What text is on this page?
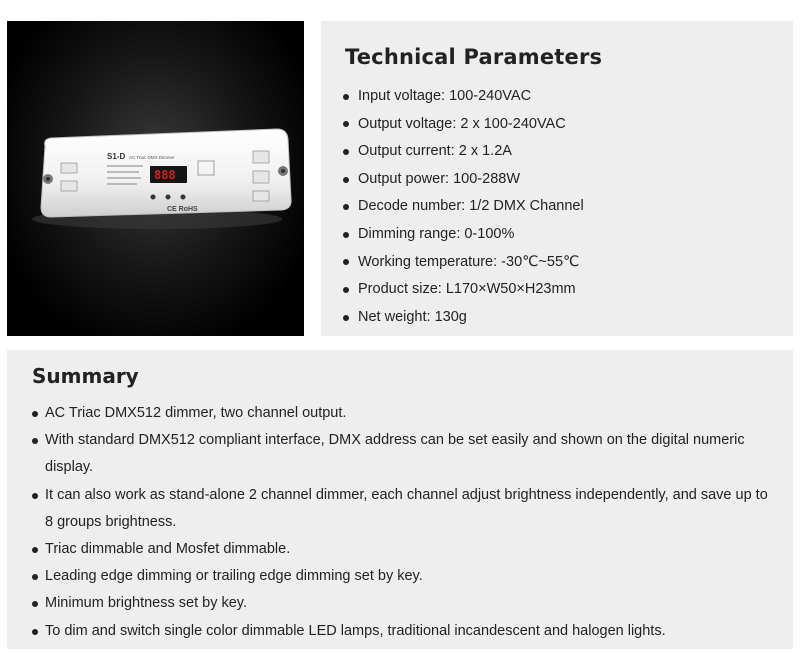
S1-D AC Triac DMX Dimmer
888
CE RoHS
Technical Parameters
Input voltage: 100-240VAC
Output voltage: 2 x 100-240VAC
Output current: 2 x 1.2A
Output power: 100-288W
Decode number: 1/2 DMX Channel
Dimming range: 0-100%
Working temperature: -30℃~55℃
Product size: L170×W50×H23mm
Net weight: 130g
Summary
AC Triac DMX512 dimmer, two channel output.
With standard DMX512 compliant interface, DMX address can be set easily and shown on the digital numeric display.
It can also work as stand-alone 2 channel dimmer, each channel adjust brightness independently, and save up to 8 groups brightness.
Triac dimmable and Mosfet dimmable.
Leading edge dimming or trailing edge dimming set by key.
Minimum brightness set by key.
To dim and switch single color dimmable LED lamps, traditional incandescent and halogen lights.
